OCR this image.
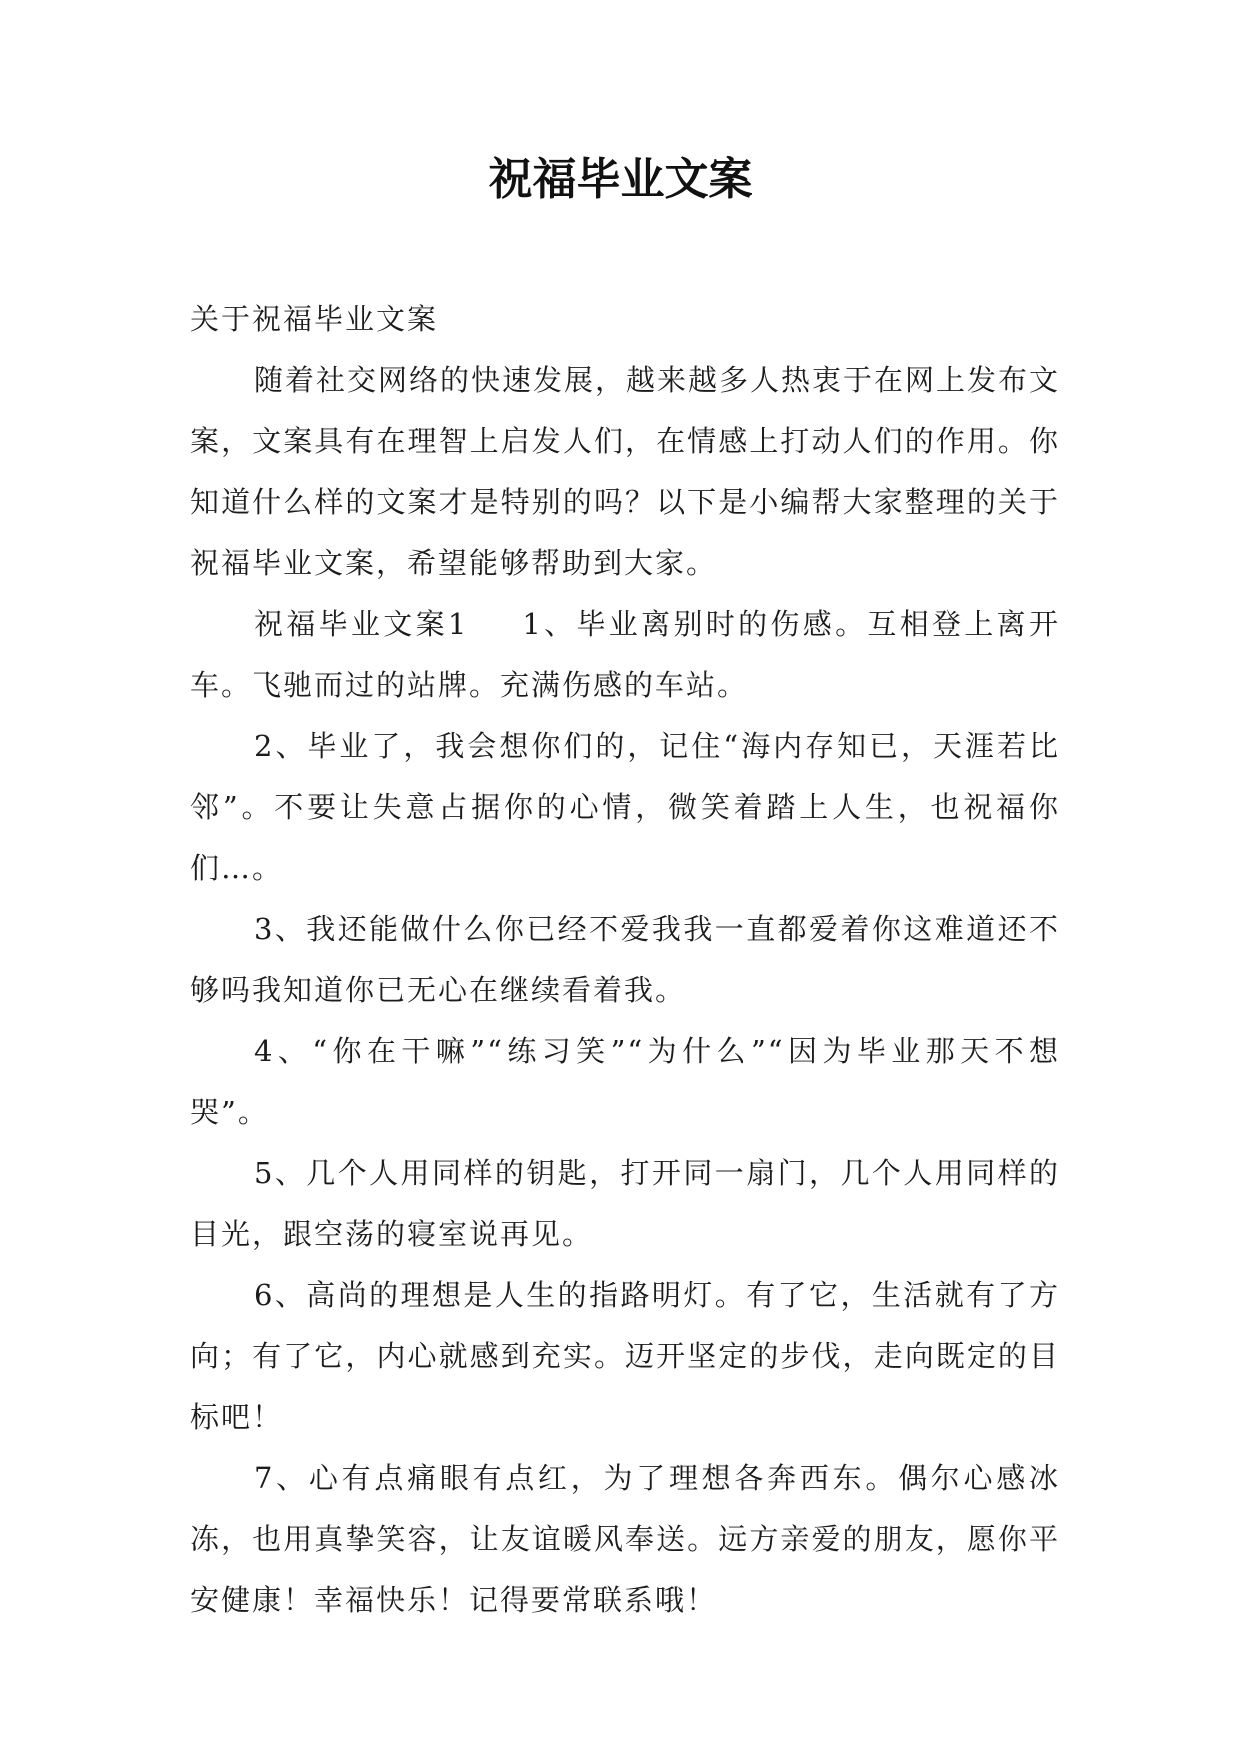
祝福毕业文案

关于祝福毕业文案

随着社交网络的快速发展，越来越多人热衷于在网上发布文案，文案具有在理智上启发人们，在情感上打动人们的作用。你知道什么样的文案才是特别的吗？以下是小编帮大家整理的关于祝福毕业文案，希望能够帮助到大家。

祝福毕业文案1 1、毕业离别时的伤感。互相登上离开车。飞驰而过的站牌。充满伤感的车站。

2、毕业了，我会想你们的，记住“海内存知已，天涯若比邻”。不要让失意占据你的心情，微笑着踏上人生，也祝福你们…。

3、我还能做什么你已经不爱我我一直都爱着你这难道还不够吗我知道你已无心在继续看着我。

4、“你在干嘛”“练习笑”“为什么”“因为毕业那天不想哭”。

5、几个人用同样的钥匙，打开同一扇门，几个人用同样的目光，跟空荡的寝室说再见。

6、高尚的理想是人生的指路明灯。有了它，生活就有了方向；有了它，内心就感到充实。迈开坚定的步伐，走向既定的目标吧！

7、心有点痛眼有点红，为了理想各奔西东。偶尔心感冰冻，也用真挚笑容，让友谊暖风奉送。远方亲爱的朋友，愿你平安健康！幸福快乐！记得要常联系哦！
